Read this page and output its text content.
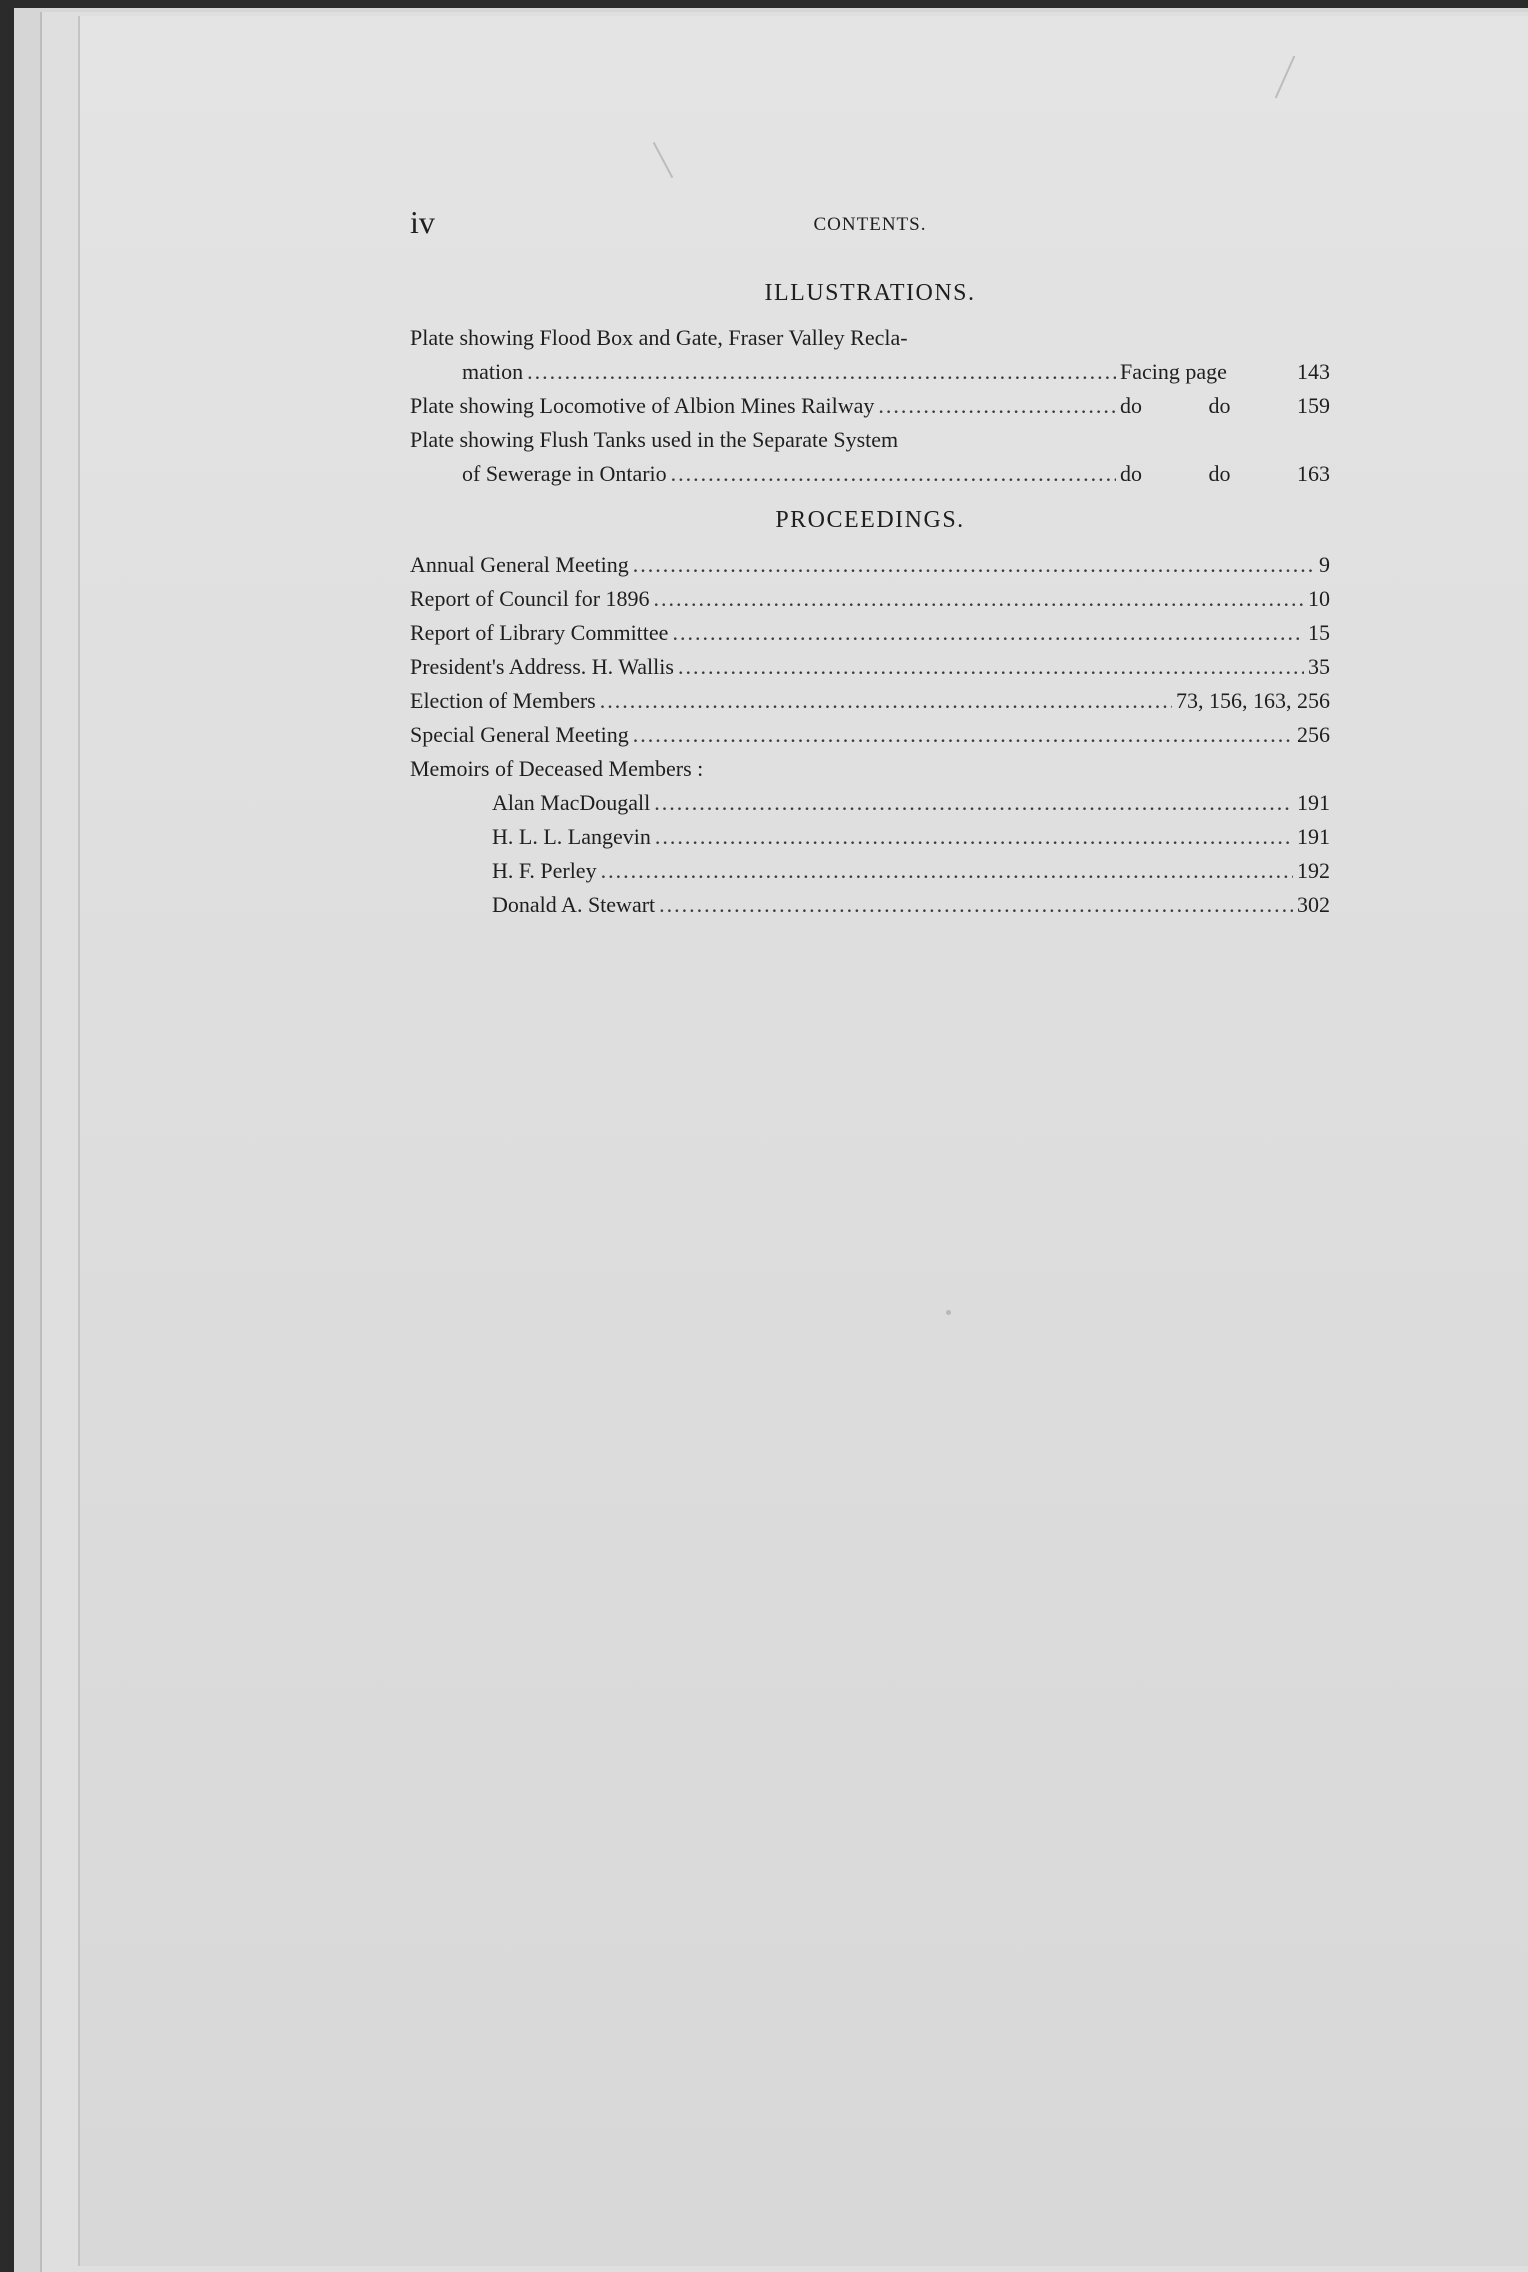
iv	CONTENTS.
ILLUSTRATIONS.
Plate showing Flood Box and Gate, Fraser Valley Recla-
mation .....	Facing page	143
Plate showing Locomotive of Albion Mines Railway .....	do	do	159
Plate showing Flush Tanks used in the Separate System
of Sewerage in Ontario .....	do	do	163
PROCEEDINGS.
Annual General Meeting .....	9
Report of Council for 1896 .....	10
Report of Library Committee .....	15
President's Address. H. Wallis .....	35
Election of Members .....	73, 156, 163, 256
Special General Meeting .....	256
Memoirs of Deceased Members :
Alan MacDougall .....	191
H. L. L. Langevin .....	191
H. F. Perley .....	192
Donald A. Stewart .....	302
